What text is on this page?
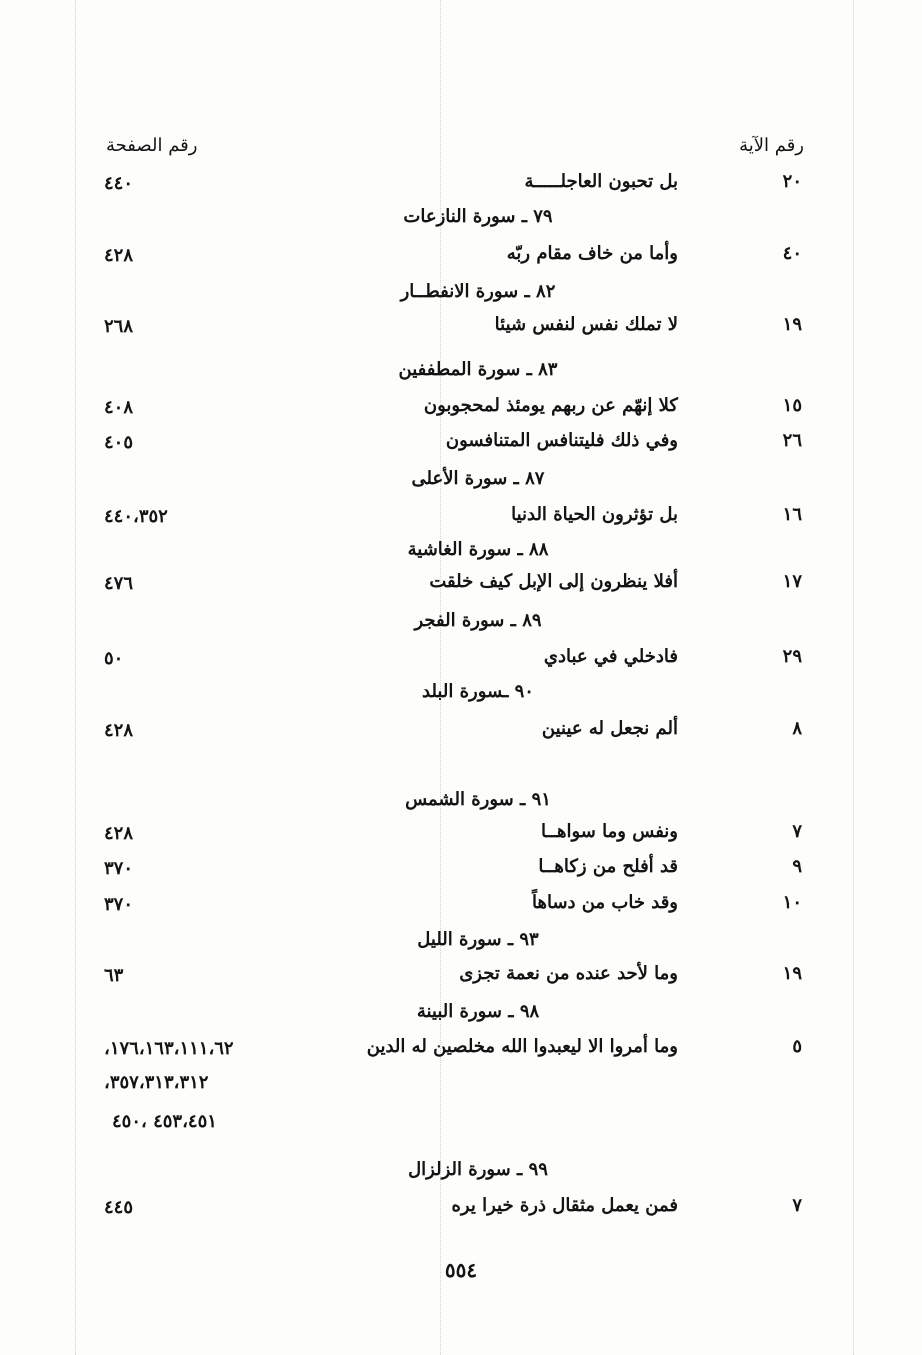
رقم الآية
رقم الصفحة
٢٠
بل تحبون العاجلـــــة
٤٤٠
٧٩ ـ سورة النازعات
٤٠
وأما من خاف مقام ربّه
٤٢٨
٨٢ ـ سورة الانفطــار
١٩
لا تملك نفس لنفس شيئا
٢٦٨
٨٣ ـ سورة المطففين
١٥
كلا إنهّم عن ربهم يومئذ لمحجوبون
٤٠٨
٢٦
وفي ذلك فليتنافس المتنافسون
٤٠٥
٨٧ ـ سورة الأعلى
١٦
بل تؤثرون الحياة الدنيا
٤٤٠،٣٥٢
٨٨ ـ سورة الغاشية
١٧
أفلا ينظرون إلى الإبل كيف خلقت
٤٧٦
٨٩ ـ سورة الفجر
٢٩
فادخلي في عبادي
٥٠
٩٠ ـسورة البلد
٨
ألم نجعل له عينين
٤٢٨
٩١ ـ سورة الشمس
٧
ونفس وما سواهــا
٤٢٨
٩
قد أفلح من زكاهــا
٣٧٠
١٠
وقد خاب من دساهاً
٣٧٠
٩٣ ـ سورة الليل
١٩
وما لأحد عنده من نعمة تجزى
٦٣
٩٨ ـ سورة البينة
٥
وما أمروا الا ليعبدوا الله مخلصين له الدين
،١٧٦،١٦٣،١١١،٦٢
،٣٥٧،٣١٣،٣١٢
٤٥٣،٤٥١ ،٤٥٠
٩٩ ـ سورة الزلزال
٧
فمن يعمل مثقال ذرة خيرا يره
٤٤٥
٥٥٤
